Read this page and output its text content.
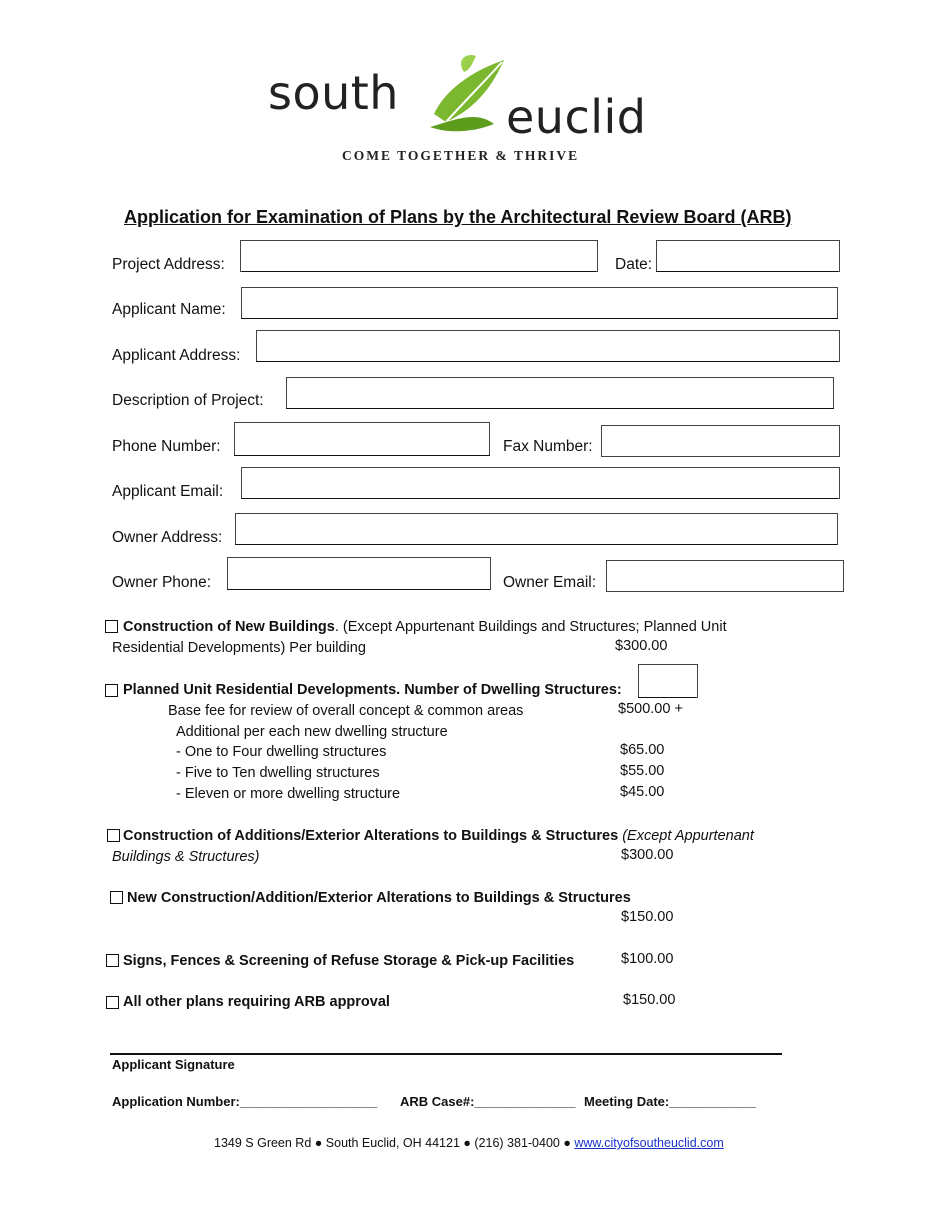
south euclid
COME TOGETHER & THRIVE
Application for Examination of Plans by the Architectural Review Board (ARB)
Project Address:	Date:
Applicant Name:
Applicant Address:
Description of Project:
Phone Number:	Fax Number:
Applicant Email:
Owner Address:
Owner Phone:	Owner Email:
Construction of New Buildings. (Except Appurtenant Buildings and Structures; Planned Unit
Residential Developments) Per building	$300.00
Planned Unit Residential Developments. Number of Dwelling Structures:
Base fee for review of overall concept & common areas	$500.00 +
Additional per each new dwelling structure
- One to Four dwelling structures	$65.00
- Five to Ten dwelling structures	$55.00
- Eleven or more dwelling structure	$45.00
Construction of Additions/Exterior Alterations to Buildings & Structures (Except Appurtenant
Buildings & Structures)	$300.00
New Construction/Addition/Exterior Alterations to Buildings & Structures
$150.00
Signs, Fences & Screening of Refuse Storage & Pick-up Facilities	$100.00
All other plans requiring ARB approval	$150.00
Applicant Signature
Application Number:___________________ ARB Case#:______________ Meeting Date:____________
1349 S Green Rd ● South Euclid, OH 44121 ● (216) 381-0400 ● www.cityofsoutheuclid.com
